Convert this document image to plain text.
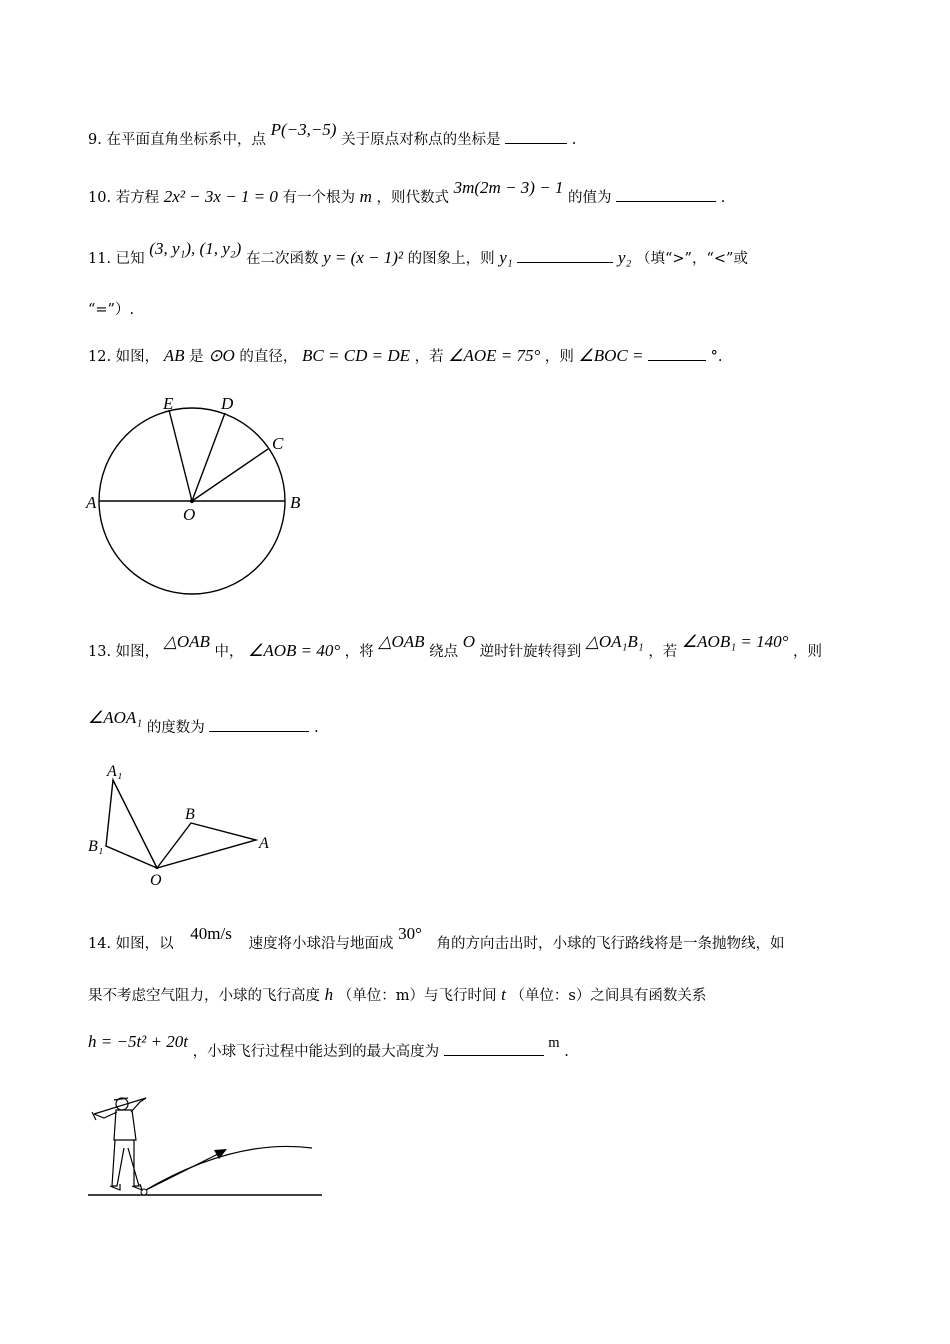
9. 在平面直角坐标系中，点 P(−3,−5) 关于原点对称点的坐标是	.
10. 若方程 2x² − 3x − 1 = 0 有一个根为 m ，则代数式 3m(2m − 3) − 1 的值为	.
11. 已知 (3, y₁), (1, y₂) 在二次函数 y = (x − 1)² 的图象上，则 y₁	y₂ （填“>”，“<”或
“=”）.
12. 如图， AB 是 ⊙O 的直径， BC = CD = DE ，若 ∠AOE = 75° ，则 ∠BOC =	°.
A	B
O
E	D
C
13. 如图， △OAB 中， ∠AOB = 40° ，将 △OAB 绕点 O 逆时针旋转得到 △OA₁B₁ ，若 ∠AOB₁ = 140° ，则
∠AOA₁ 的度数为	.
A₁
B
B₁	A
O
14. 如图，以 40m/s 速度将小球沿与地面成 30° 角的方向击出时，小球的飞行路线将是一条抛物线，如
果不考虑空气阻力，小球的飞行高度 h （单位：m）与飞行时间 t （单位：s）之间具有函数关系
h = −5t² + 20t ，小球飞行过程中能达到的最大高度为  m .
